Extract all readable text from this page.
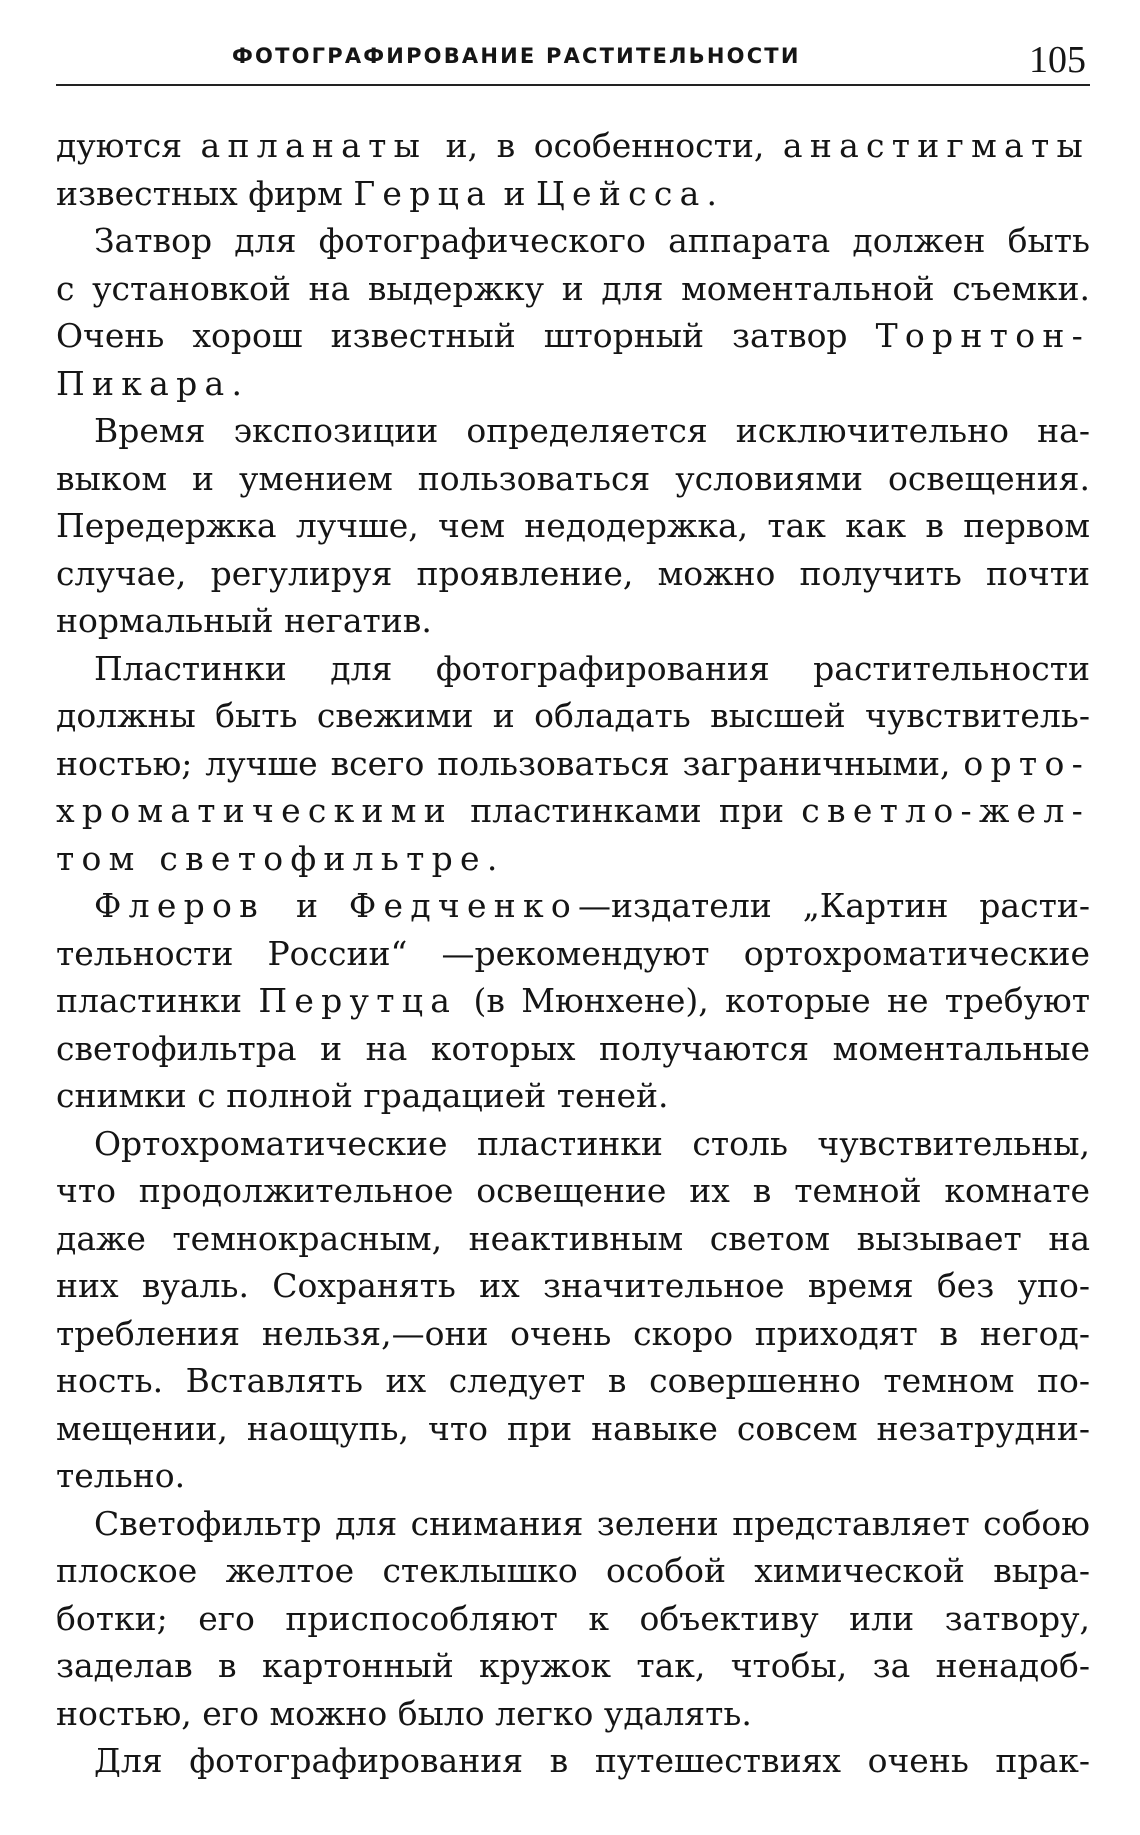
ФОТОГРАФИРОВАНИЕ РАСТИТЕЛЬНОСТИ	105
дуются апланаты и, в особенности, анастигматы
известных фирм Герца и Цейсса.
Затвор для фотографического аппарата должен быть
с установкой на выдержку и для моментальной съемки.
Очень хорош известный шторный затвор Торнтон-
Пикара.
Время экспозиции определяется исключительно на-
выком и умением пользоваться условиями освещения.
Передержка лучше, чем недодержка, так как в первом
случае, регулируя проявление, можно получить почти
нормальный негатив.
Пластинки для фотографирования растительности
должны быть свежими и обладать высшей чувствитель-
ностью; лучше всего пользоваться заграничными, орто-
хроматическими пластинками при светло-жел-
том светофильтре.
Флеров и Федченко—издатели „Картин расти-
тельности России“ —рекомендуют ортохроматические
пластинки Перутца (в Мюнхене), которые не требуют
светофильтра и на которых получаются моментальные
снимки с полной градацией теней.
Ортохроматические пластинки столь чувствительны,
что продолжительное освещение их в темной комнате
даже темнокрасным, неактивным светом вызывает на
них вуаль. Сохранять их значительное время без упо-
требления нельзя,—они очень скоро приходят в негод-
ность. Вставлять их следует в совершенно темном по-
мещении, наощупь, что при навыке совсем незатрудни-
тельно.
Светофильтр для снимания зелени представляет собою
плоское желтое стеклышко особой химической выра-
ботки; его приспособляют к объективу или затвору,
заделав в картонный кружок так, чтобы, за ненадоб-
ностью, его можно было легко удалять.
Для фотографирования в путешествиях очень прак-
